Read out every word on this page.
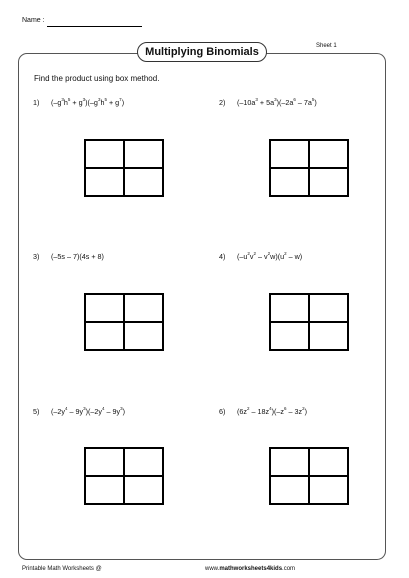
Name :
Multiplying Binomials	Sheet 1
Find the product using box method.
1) $(-g^3h^5 + g^3)(-g^3h^5 + g^7)$	2) $(-10a^3 + 5a^3)(-2a^6 - 7a^5)$
3) (–5s – 7)(4s + 8)	4) $(-u^2v^2 - v^2w)(u^2 - w)$
5) $(-2y^4 - 9y^3)(-2y^4 - 9y^3)$	6) $(6z^2 - 18z^4)(-z^6 - 3z^2)$
Printable Math Worksheets @	www.mathworksheets4kids.com
